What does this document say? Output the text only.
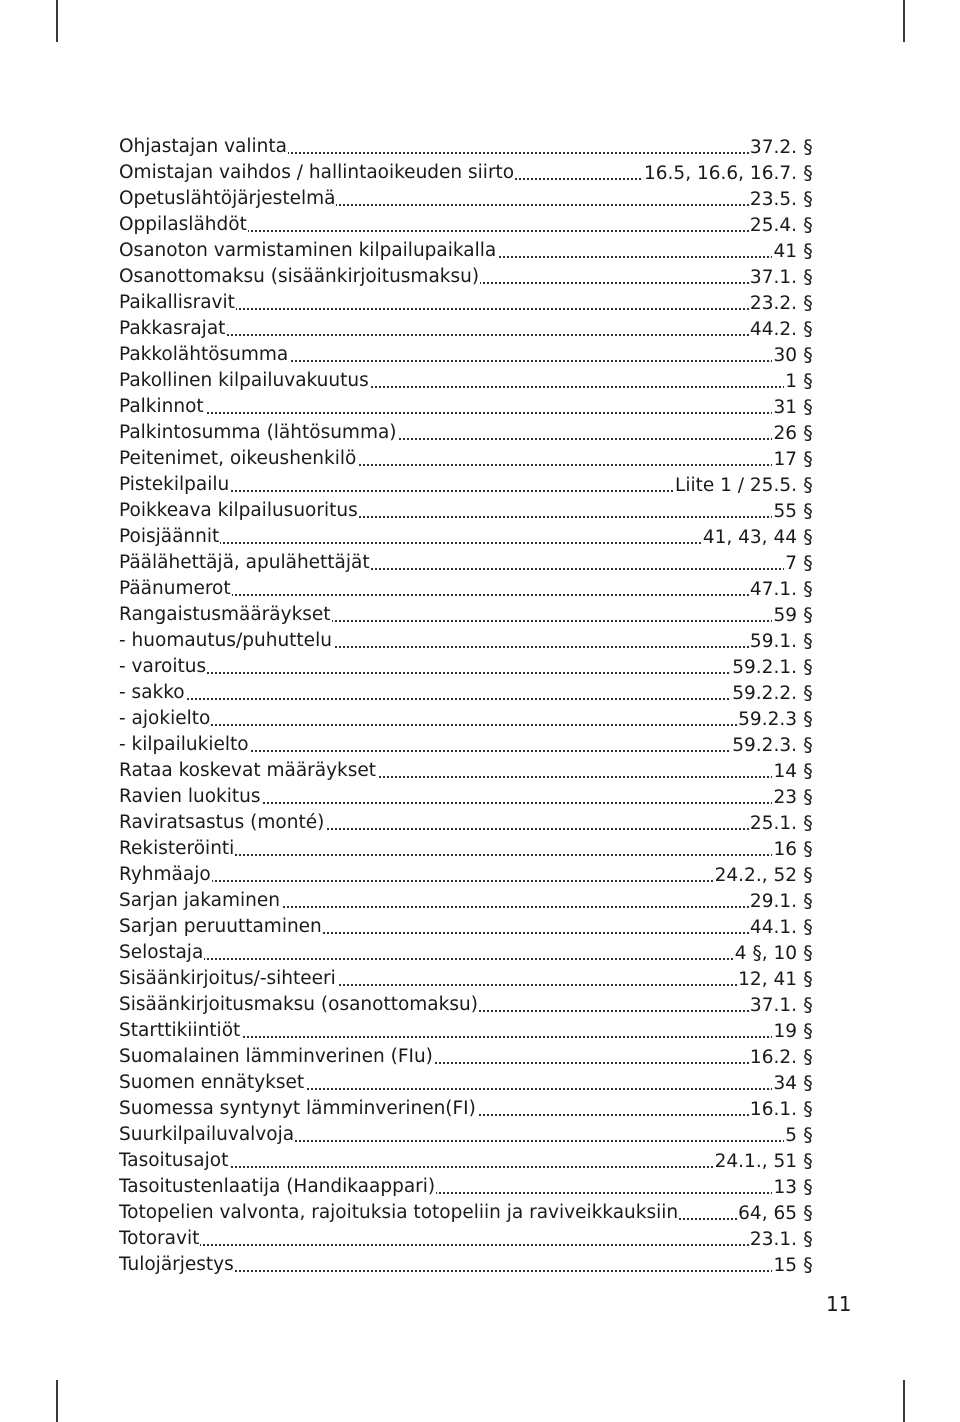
Ohjastajan valinta	37.2. §
Omistajan vaihdos / hallintaoikeuden siirto	16.5, 16.6, 16.7. §
Opetuslähtöjärjestelmä	23.5. §
Oppilaslähdöt	25.4. §
Osanoton varmistaminen kilpailupaikalla	41 §
Osanottomaksu (sisäänkirjoitusmaksu)	37.1. §
Paikallisravit	23.2. §
Pakkasrajat	44.2. §
Pakkolähtösumma	30 §
Pakollinen kilpailuvakuutus	1 §
Palkinnot	31 §
Palkintosumma (lähtösumma)	26 §
Peitenimet, oikeushenkilö	17 §
Pistekilpailu	Liite 1 / 25.5. §
Poikkeava kilpailusuoritus	55 §
Poisjäännit	41, 43, 44 §
Päälähettäjä, apulähettäjät	7 §
Päänumerot	47.1. §
Rangaistusmääräykset	59 §
- huomautus/puhuttelu	59.1. §
- varoitus	59.2.1. §
- sakko	59.2.2. §
- ajokielto	59.2.3 §
- kilpailukielto	59.2.3. §
Rataa koskevat määräykset	14 §
Ravien luokitus	23 §
Raviratsastus (monté)	25.1. §
Rekisteröinti	16 §
Ryhmäajo	24.2., 52 §
Sarjan jakaminen	29.1. §
Sarjan peruuttaminen	44.1. §
Selostaja	4 §, 10 §
Sisäänkirjoitus/-sihteeri	12, 41 §
Sisäänkirjoitusmaksu (osanottomaksu)	37.1. §
Starttikiintiöt	19 §
Suomalainen lämminverinen (FIu)	16.2. §
Suomen ennätykset	34 §
Suomessa syntynyt lämminverinen(FI)	16.1. §
Suurkilpailuvalvoja	5 §
Tasoitusajot	24.1., 51 §
Tasoitustenlaatija (Handikaappari)	13 §
Totopelien valvonta, rajoituksia totopeliin ja raviveikkauksiin	64, 65 §
Totoravit	23.1. §
Tulojärjestys	15 §
11
